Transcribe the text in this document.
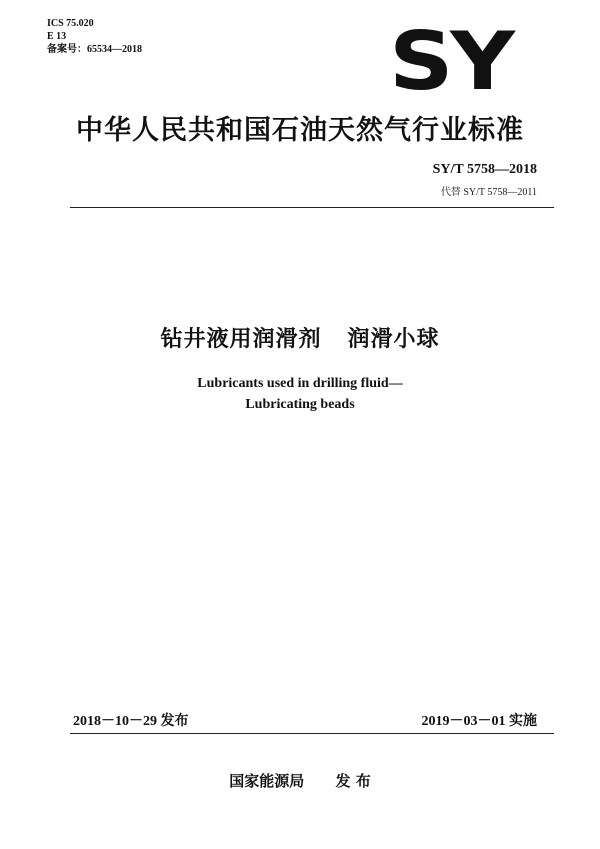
ICS 75.020
E 13
备案号：65534—2018	SY
中华人民共和国石油天然气行业标准
SY/T 5758—2018
代替 SY/T 5758—2011
钻井液用润滑剂   润滑小球
Lubricants used in drilling fluid—
Lubricating beads
2018－10－29 发布	2019－03－01 实施
国家能源局      发 布
